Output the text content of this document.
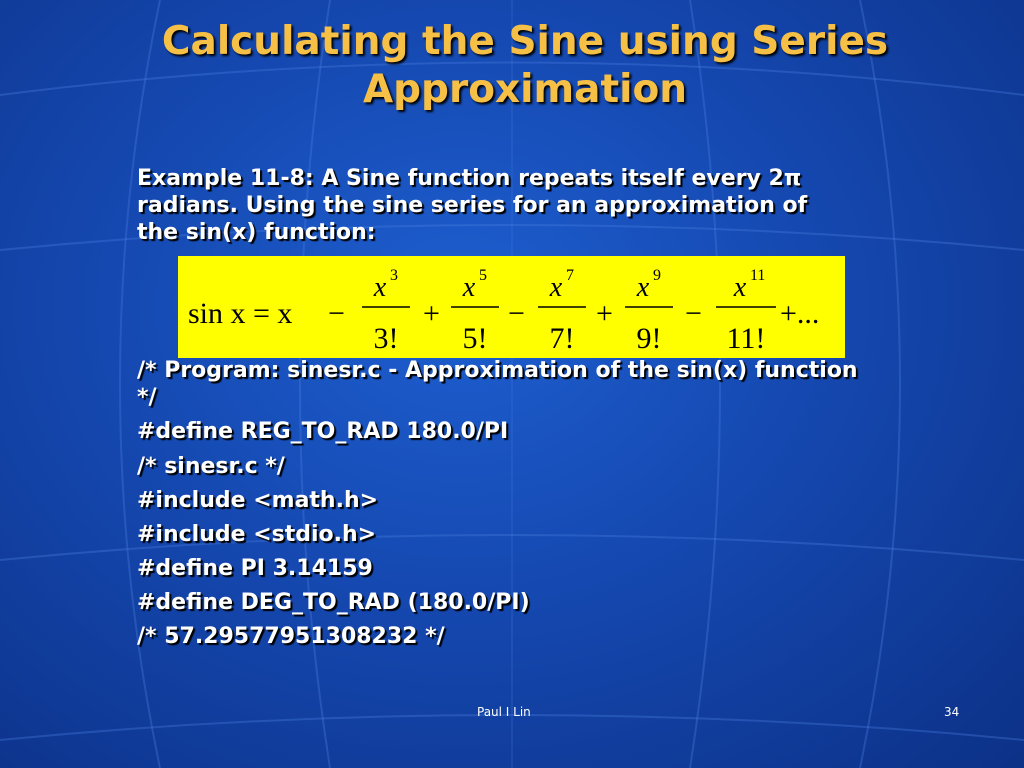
Calculating the Sine using Series
Approximation
Example 11-8: A Sine function repeats itself every 2π
radians. Using the sine series for an approximation of
the sin(x) function:
sin x = x −
x 3
3!
+
x 5
5!
−
x 7
7!
+
x 9
9!
−
x 11
11!
+...
/* Program: sinesr.c - Approximation of the sin(x) function
*/
#define REG_TO_RAD 180.0/PI
/* sinesr.c */
#include <math.h>
#include <stdio.h>
#define PI 3.14159
#define DEG_TO_RAD (180.0/PI)
/* 57.29577951308232 */
Paul I Lin	34
